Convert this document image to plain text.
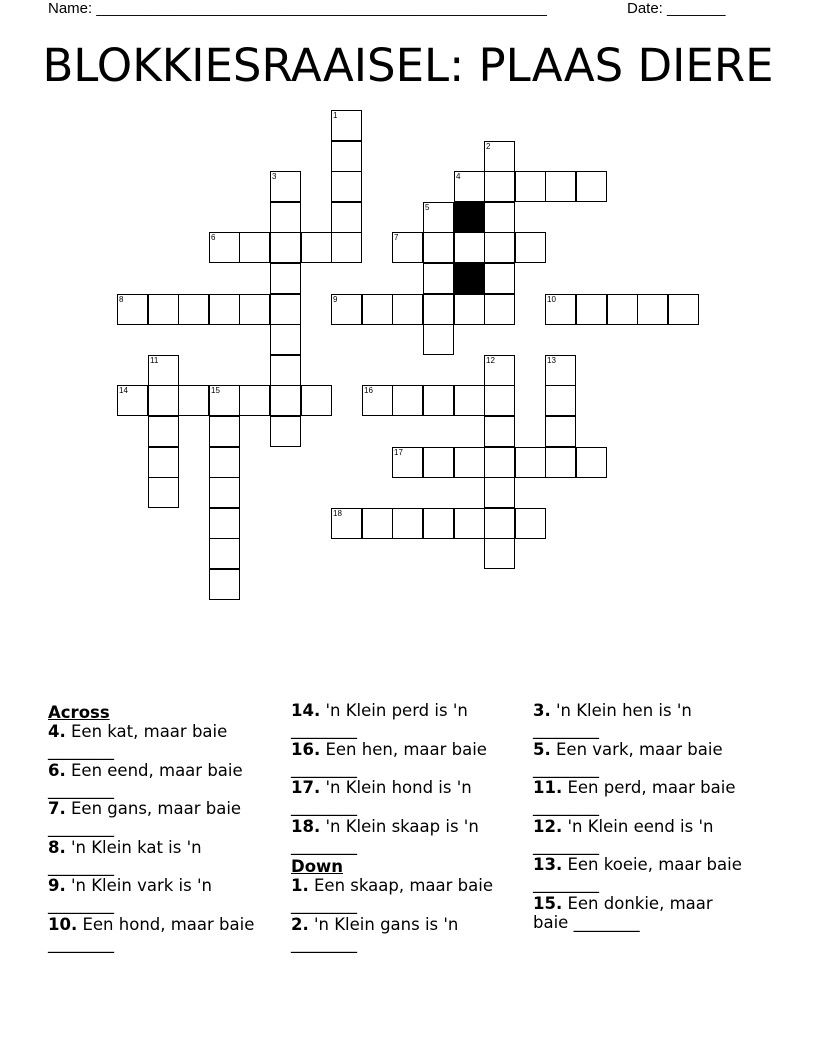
Name: ______________________________________________________	Date: _______
BLOKKIESRAAISEL: PLAAS DIERE
1
2
3	4
5
6	7
8	9	10
11	12	13
14	15	16
17
18
Across
4. Een kat, maar baie
________
6. Een eend, maar baie
________
7. Een gans, maar baie
________
8. 'n Klein kat is 'n
________
9. 'n Klein vark is 'n
________
10. Een hond, maar baie
________
14. 'n Klein perd is 'n
________
16. Een hen, maar baie
________
17. 'n Klein hond is 'n
________
18. 'n Klein skaap is 'n
________
Down
1. Een skaap, maar baie
________
2. 'n Klein gans is 'n
________
3. 'n Klein hen is 'n
________
5. Een vark, maar baie
________
11. Een perd, maar baie
________
12. 'n Klein eend is 'n
________
13. Een koeie, maar baie
________
15. Een donkie, maar
baie ________
